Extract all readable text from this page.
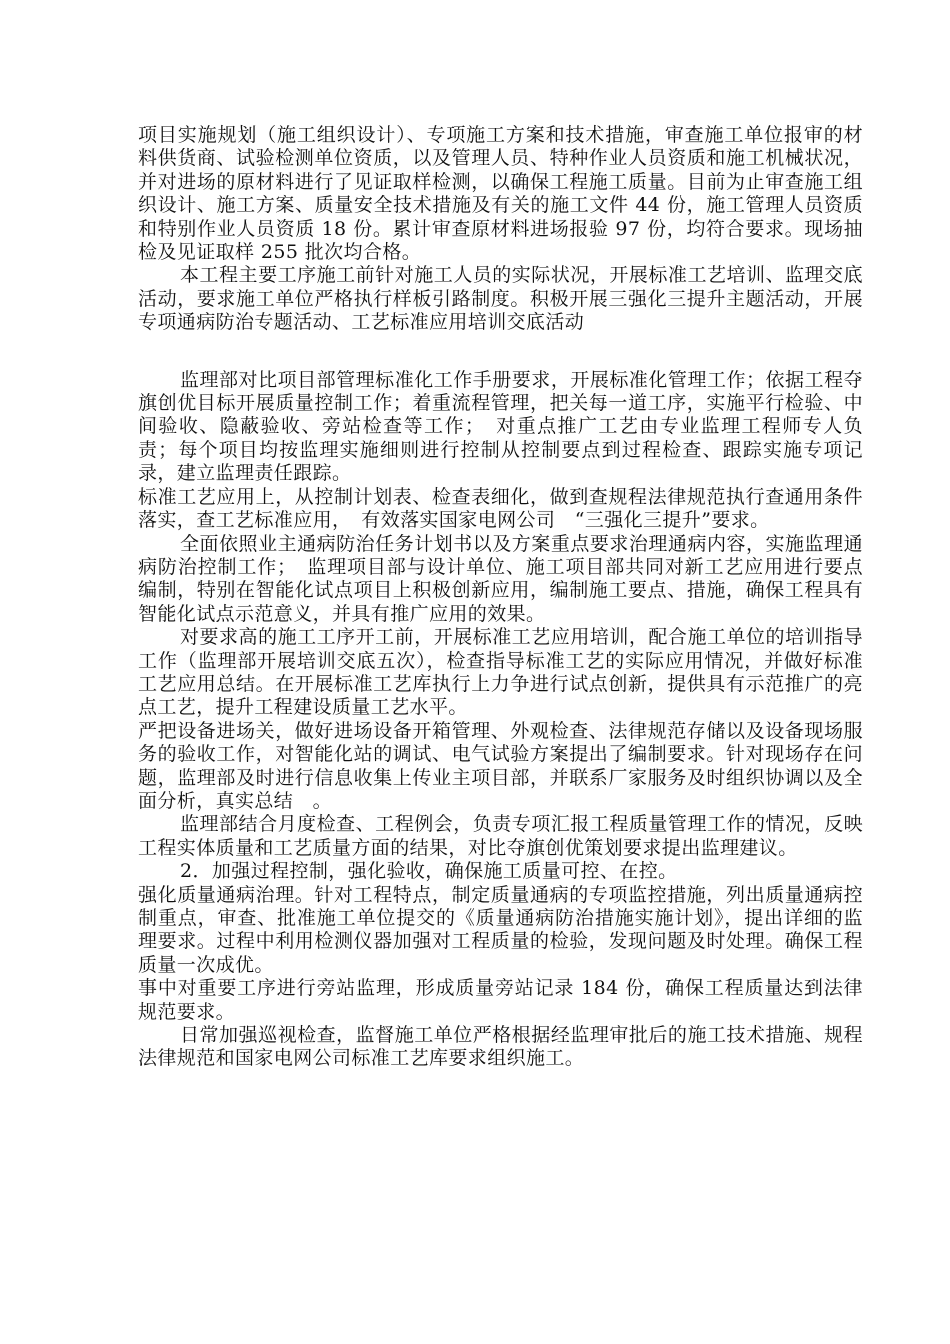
项目实施规划（施工组织设计）、专项施工方案和技术措施，审查施工单位报审的材料供货商、试验检测单位资质，以及管理人员、特种作业人员资质和施工机械状况，并对进场的原材料进行了见证取样检测，以确保工程施工质量。目前为止审查施工组织设计、施工方案、质量安全技术措施及有关的施工文件 44 份，施工管理人员资质和特别作业人员资质 18 份。累计审查原材料进场报验 97 份，均符合要求。现场抽检及见证取样 255 批次均合格。

本工程主要工序施工前针对施工人员的实际状况，开展标准工艺培训、监理交底活动，要求施工单位严格执行样板引路制度。积极开展三强化三提升主题活动，开展专项通病防治专题活动、工艺标准应用培训交底活动

监理部对比项目部管理标准化工作手册要求，开展标准化管理工作；依据工程夺旗创优目标开展质量控制工作；着重流程管理，把关每一道工序，实施平行检验、中间验收、隐蔽验收、旁站检查等工作；　对重点推广工艺由专业监理工程师专人负责；每个项目均按监理实施细则进行控制从控制要点到过程检查、跟踪实施专项记录，建立监理责任跟踪。

标准工艺应用上，从控制计划表、检查表细化，做到查规程法律规范执行查通用条件落实，查工艺标准应用，　有效落实国家电网公司　“三强化三提升”要求。

全面依照业主通病防治任务计划书以及方案重点要求治理通病内容，实施监理通病防治控制工作；　监理项目部与设计单位、施工项目部共同对新工艺应用进行要点编制，特别在智能化试点项目上积极创新应用，编制施工要点、措施，确保工程具有智能化试点示范意义，并具有推广应用的效果。

对要求高的施工工序开工前，开展标准工艺应用培训，配合施工单位的培训指导工作（监理部开展培训交底五次），检查指导标准工艺的实际应用情况，并做好标准工艺应用总结。在开展标准工艺库执行上力争进行试点创新，提供具有示范推广的亮点工艺，提升工程建设质量工艺水平。

严把设备进场关，做好进场设备开箱管理、外观检查、法律规范存储以及设备现场服务的验收工作，对智能化站的调试、电气试验方案提出了编制要求。针对现场存在问题，监理部及时进行信息收集上传业主项目部，并联系厂家服务及时组织协调以及全面分析，真实总结　。

监理部结合月度检查、工程例会，负责专项汇报工程质量管理工作的情况，反映工程实体质量和工艺质量方面的结果，对比夺旗创优策划要求提出监理建议。

2．加强过程控制，强化验收，确保施工质量可控、在控。

强化质量通病治理。针对工程特点，制定质量通病的专项监控措施，列出质量通病控制重点，审查、批准施工单位提交的《质量通病防治措施实施计划》，提出详细的监理要求。过程中利用检测仪器加强对工程质量的检验，发现问题及时处理。确保工程质量一次成优。

事中对重要工序进行旁站监理，形成质量旁站记录 184 份，确保工程质量达到法律规范要求。

日常加强巡视检查，监督施工单位严格根据经监理审批后的施工技术措施、规程法律规范和国家电网公司标准工艺库要求组织施工。
